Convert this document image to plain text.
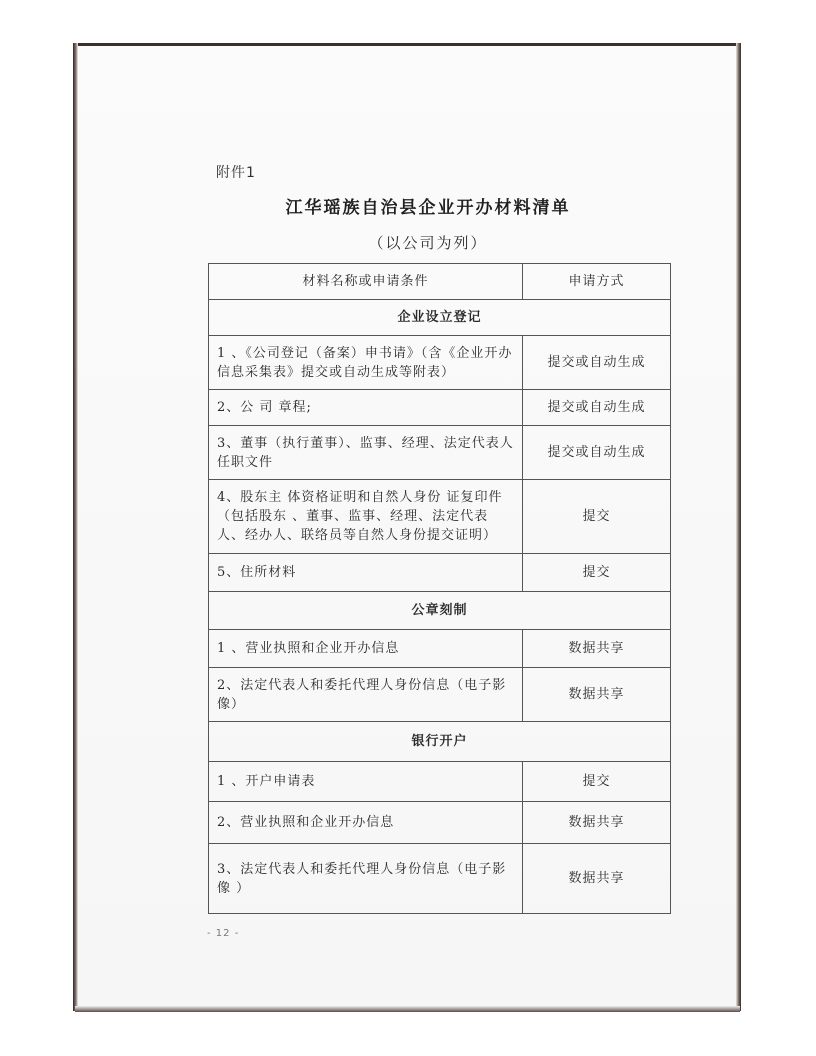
附件1
江华瑶族自治县企业开办材料清单
（以公司为列）
材料名称或申请条件	申请方式
企业设立登记	
1 、《公司登记（备案）申书请》（含《企业开办信息采集表》提交或自动生成等附表）	提交或自动生成
2、公 司 章程;	提交或自动生成
3、董事（执行董事）、监事、经理、法定代表人任职文件	提交或自动生成
4、股东主 体资格证明和自然人身份 证复印件（包括股东 、董事、监事、经理、法定代表人、经办人、联络员等自然人身份提交证明）	提交
5、住所材料	提交
公章刻制	
1 、营业执照和企业开办信息	数据共享
2、法定代表人和委托代理人身份信息（电子影像）	数据共享
银行开户	
1 、开户申请表	提交
2、营业执照和企业开办信息	数据共享
3、法定代表人和委托代理人身份信息（电子影像 ）	数据共享
- 12 -
